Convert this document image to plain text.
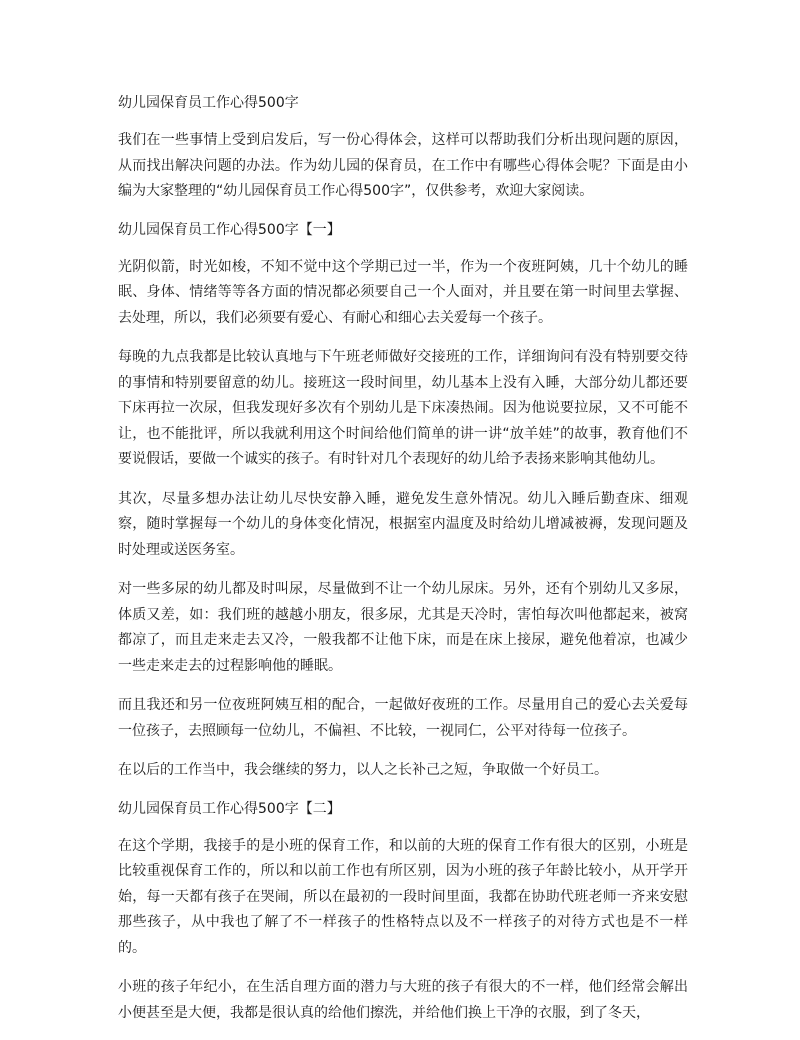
幼儿园保育员工作心得500字

我们在一些事情上受到启发后，写一份心得体会，这样可以帮助我们分析出现问题的原因，从而找出解决问题的办法。作为幼儿园的保育员，在工作中有哪些心得体会呢？下面是由小编为大家整理的“幼儿园保育员工作心得500字”，仅供参考，欢迎大家阅读。

幼儿园保育员工作心得500字【一】

光阴似箭，时光如梭，不知不觉中这个学期已过一半，作为一个夜班阿姨，几十个幼儿的睡眠、身体、情绪等等各方面的情况都必须要自己一个人面对，并且要在第一时间里去掌握、去处理，所以，我们必须要有爱心、有耐心和细心去关爱每一个孩子。

每晚的九点我都是比较认真地与下午班老师做好交接班的工作，详细询问有没有特别要交待的事情和特别要留意的幼儿。接班这一段时间里，幼儿基本上没有入睡，大部分幼儿都还要下床再拉一次尿，但我发现好多次有个别幼儿是下床凑热闹。因为他说要拉尿，又不可能不让，也不能批评，所以我就利用这个时间给他们简单的讲一讲“放羊娃”的故事，教育他们不要说假话，要做一个诚实的孩子。有时针对几个表现好的幼儿给予表扬来影响其他幼儿。

其次，尽量多想办法让幼儿尽快安静入睡，避免发生意外情况。幼儿入睡后勤查床、细观察，随时掌握每一个幼儿的身体变化情况，根据室内温度及时给幼儿增减被褥，发现问题及时处理或送医务室。

对一些多尿的幼儿都及时叫尿，尽量做到不让一个幼儿尿床。另外，还有个别幼儿又多尿，体质又差，如：我们班的越越小朋友，很多尿，尤其是天冷时，害怕每次叫他都起来，被窝都凉了，而且走来走去又冷，一般我都不让他下床，而是在床上接尿，避免他着凉，也减少一些走来走去的过程影响他的睡眠。

而且我还和另一位夜班阿姨互相的配合，一起做好夜班的工作。尽量用自己的爱心去关爱每一位孩子，去照顾每一位幼儿，不偏袒、不比较，一视同仁，公平对待每一位孩子。

在以后的工作当中，我会继续的努力，以人之长补己之短，争取做一个好员工。

幼儿园保育员工作心得500字【二】

在这个学期，我接手的是小班的保育工作，和以前的大班的保育工作有很大的区别，小班是比较重视保育工作的，所以和以前工作也有所区别，因为小班的孩子年龄比较小，从开学开始，每一天都有孩子在哭闹，所以在最初的一段时间里面，我都在协助代班老师一齐来安慰那些孩子，从中我也了解了不一样孩子的性格特点以及不一样孩子的对待方式也是不一样的。

小班的孩子年纪小，在生活自理方面的潜力与大班的孩子有很大的不一样，他们经常会解出小便甚至是大便，我都是很认真的给他们擦洗，并给他们换上干净的衣服，到了冬天，
